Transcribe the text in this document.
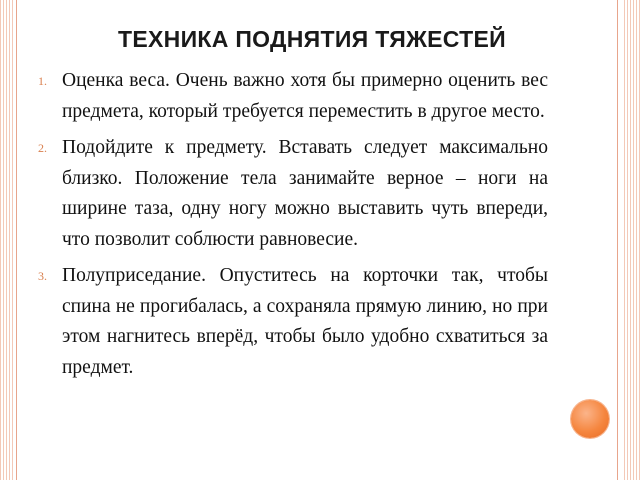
ТЕХНИКА ПОДНЯТИЯ ТЯЖЕСТЕЙ
1. Оценка веса. Очень важно хотя бы примерно оценить вес предмета, который требуется переместить в другое место.
2. Подойдите к предмету. Вставать следует максимально близко. Положение тела занимайте верное – ноги на ширине таза, одну ногу можно выставить чуть впереди, что позволит соблюсти равновесие.
3. Полуприседание. Опуститесь на корточки так, чтобы спина не прогибалась, а сохраняла прямую линию, но при этом нагнитесь вперёд, чтобы было удобно схватиться за предмет.
